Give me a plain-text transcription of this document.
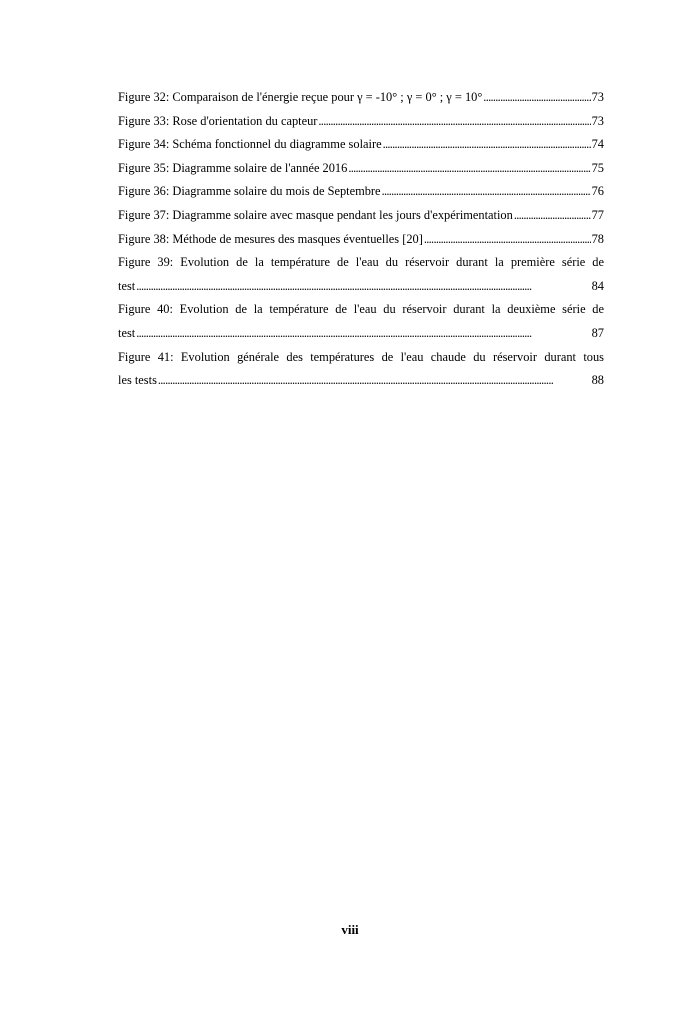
Figure 32: Comparaison de l'énergie reçue pour γ = -10° ; γ = 0° ; γ = 10° . . .	73
Figure 33: Rose d'orientation du capteur . . .	73
Figure 34: Schéma fonctionnel du diagramme solaire . . .	74
Figure 35: Diagramme solaire de l'année 2016 . . .	75
Figure 36: Diagramme solaire du mois de Septembre . . .	76
Figure 37: Diagramme solaire avec masque pendant les jours d'expérimentation . . .	77
Figure 38: Méthode de mesures des masques éventuelles [20] . . .	78
Figure 39: Evolution de la température de l'eau du réservoir durant la première série de
test . . .	84
Figure 40: Evolution de la température de l'eau du réservoir durant la deuxième série de
test . . .	87
Figure 41: Evolution générale des températures de l'eau chaude du réservoir durant tous
les tests . . .	88
viii
